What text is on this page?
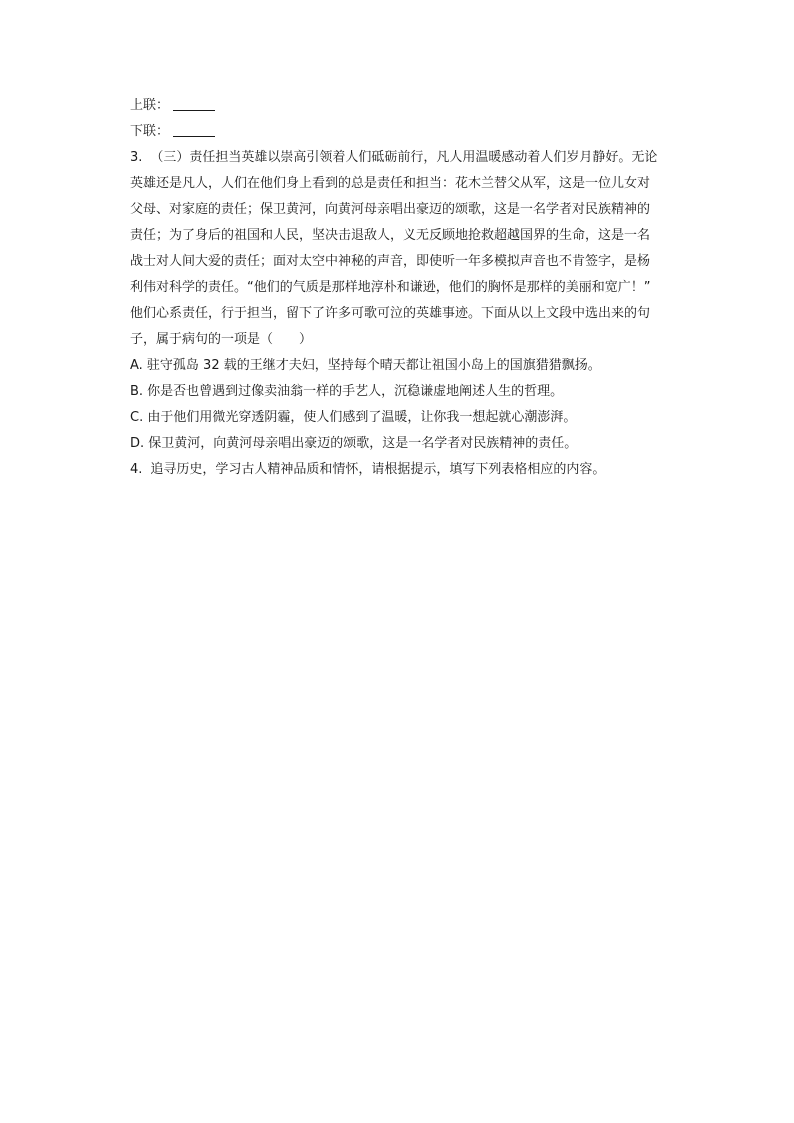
上联：
下联：
3. （三）责任担当英雄以崇高引领着人们砥砺前行，凡人用温暖感动着人们岁月静好。无论
英雄还是凡人，人们在他们身上看到的总是责任和担当：花木兰替父从军，这是一位儿女对
父母、对家庭的责任；保卫黄河，向黄河母亲唱出豪迈的颂歌，这是一名学者对民族精神的
责任；为了身后的祖国和人民，坚决击退敌人，义无反顾地抢救超越国界的生命，这是一名
战士对人间大爱的责任；面对太空中神秘的声音，即使听一年多模拟声音也不肯签字，是杨
利伟对科学的责任。“他们的气质是那样地淳朴和谦逊，他们的胸怀是那样的美丽和宽广！”
他们心系责任，行于担当，留下了许多可歌可泣的英雄事迹。下面从以上文段中选出来的句
子，属于病句的一项是（　　）
A. 驻守孤岛 32 载的王继才夫妇，坚持每个晴天都让祖国小岛上的国旗猎猎飘扬。
B. 你是否也曾遇到过像卖油翁一样的手艺人，沉稳谦虚地阐述人生的哲理。
C. 由于他们用微光穿透阴霾，使人们感到了温暖，让你我一想起就心潮澎湃。
D. 保卫黄河，向黄河母亲唱出豪迈的颂歌，这是一名学者对民族精神的责任。
4. 追寻历史，学习古人精神品质和情怀，请根据提示，填写下列表格相应的内容。
